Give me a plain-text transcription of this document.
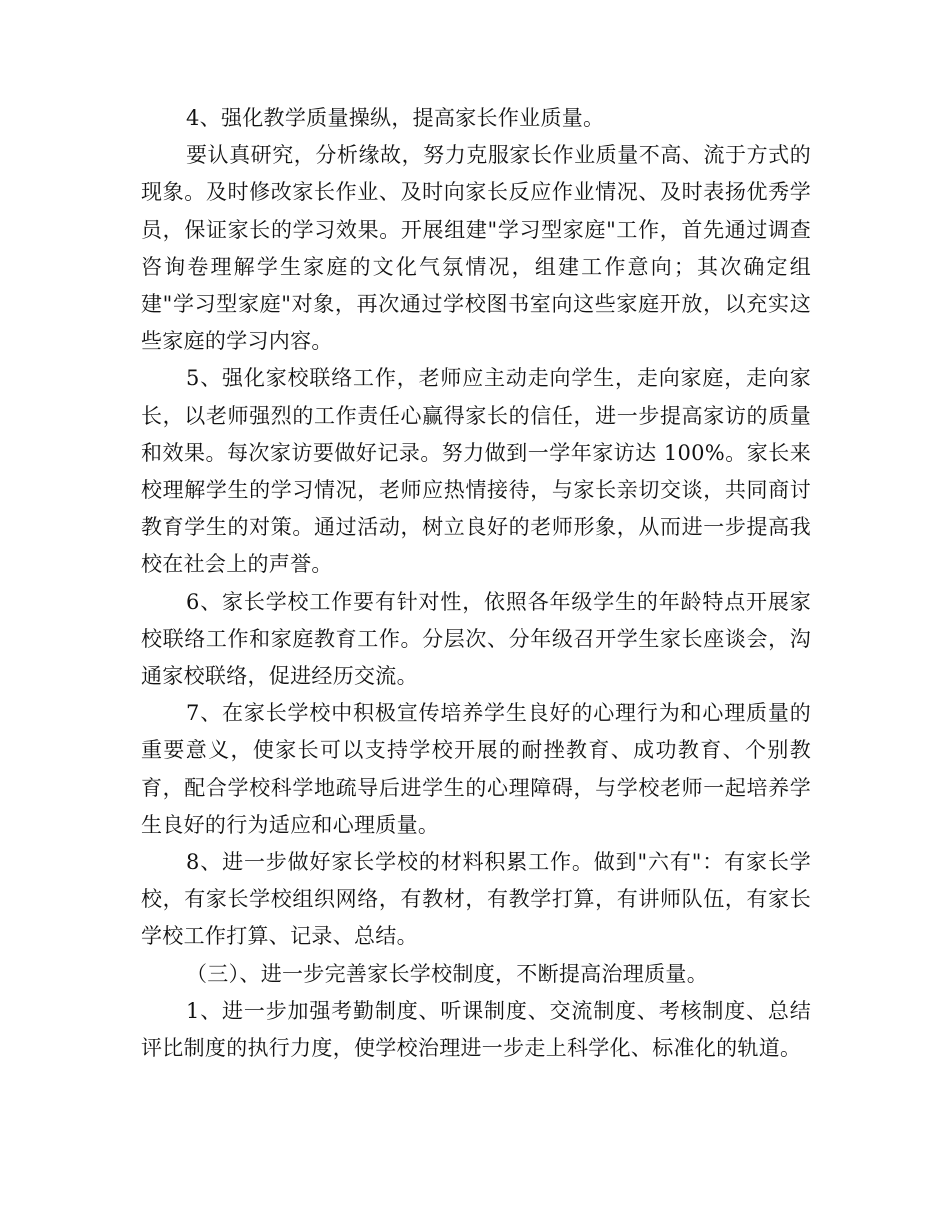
4、强化教学质量操纵，提高家长作业质量。

要认真研究，分析缘故，努力克服家长作业质量不高、流于方式的现象。及时修改家长作业、及时向家长反应作业情况、及时表扬优秀学员，保证家长的学习效果。开展组建"学习型家庭"工作，首先通过调查咨询卷理解学生家庭的文化气氛情况，组建工作意向；其次确定组建"学习型家庭"对象，再次通过学校图书室向这些家庭开放，以充实这些家庭的学习内容。

5、强化家校联络工作，老师应主动走向学生，走向家庭，走向家长，以老师强烈的工作责任心赢得家长的信任，进一步提高家访的质量和效果。每次家访要做好记录。努力做到一学年家访达 100%。家长来校理解学生的学习情况，老师应热情接待，与家长亲切交谈，共同商讨教育学生的对策。通过活动，树立良好的老师形象，从而进一步提高我校在社会上的声誉。

6、家长学校工作要有针对性，依照各年级学生的年龄特点开展家校联络工作和家庭教育工作。分层次、分年级召开学生家长座谈会，沟通家校联络，促进经历交流。

7、在家长学校中积极宣传培养学生良好的心理行为和心理质量的重要意义，使家长可以支持学校开展的耐挫教育、成功教育、个别教育，配合学校科学地疏导后进学生的心理障碍，与学校老师一起培养学生良好的行为适应和心理质量。

8、进一步做好家长学校的材料积累工作。做到"六有"：有家长学校，有家长学校组织网络，有教材，有教学打算，有讲师队伍，有家长学校工作打算、记录、总结。

（三）、进一步完善家长学校制度，不断提高治理质量。

1、进一步加强考勤制度、听课制度、交流制度、考核制度、总结评比制度的执行力度，使学校治理进一步走上科学化、标准化的轨道。
